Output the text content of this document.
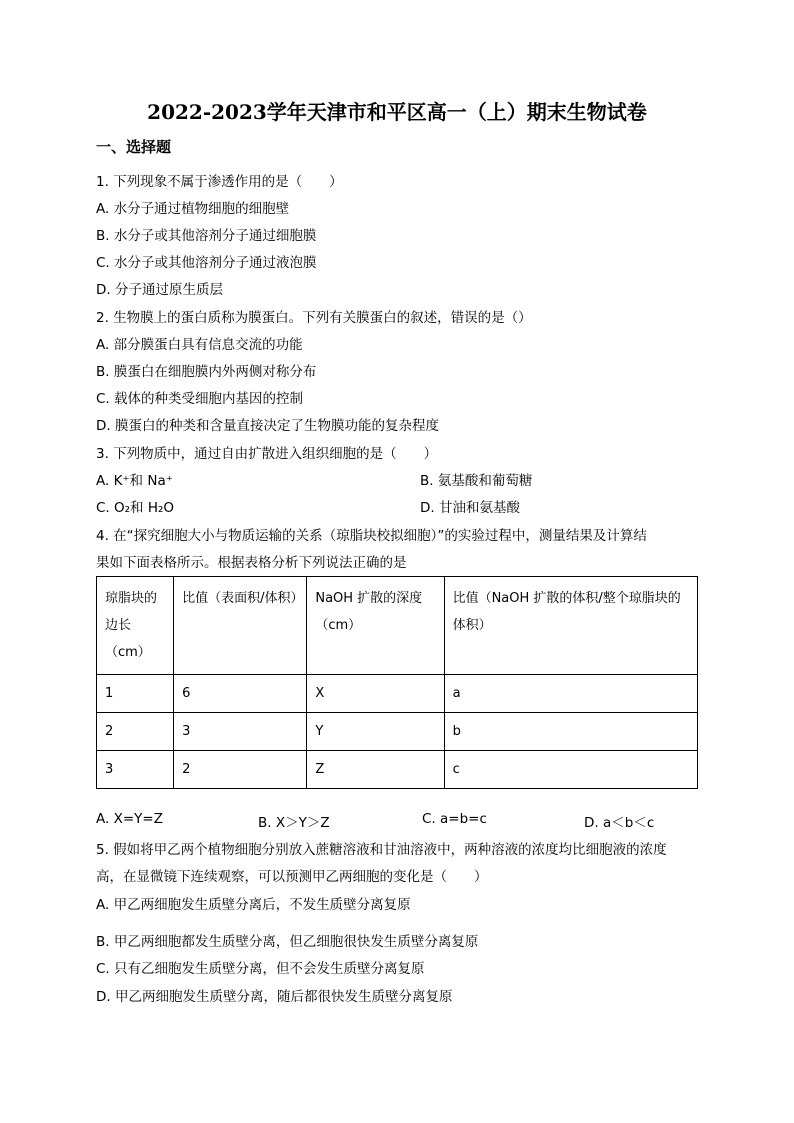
2022-2023学年天津市和平区高一（上）期末生物试卷
一、选择题
1. 下列现象不属于渗透作用的是（　　）
A. 水分子通过植物细胞的细胞壁
B. 水分子或其他溶剂分子通过细胞膜
C. 水分子或其他溶剂分子通过液泡膜
D. 分子通过原生质层
2. 生物膜上的蛋白质称为膜蛋白。下列有关膜蛋白的叙述，错误的是（）
A. 部分膜蛋白具有信息交流的功能
B. 膜蛋白在细胞膜内外两侧对称分布
C. 载体的种类受细胞内基因的控制
D. 膜蛋白的种类和含量直接决定了生物膜功能的复杂程度
3. 下列物质中，通过自由扩散进入组织细胞的是（　　）
A. K⁺和 Na⁺	B. 氨基酸和葡萄糖
C. O₂和 H₂O	D. 甘油和氨基酸
4. 在“探究细胞大小与物质运输的关系（琼脂块校拟细胞）”的实验过程中，测量结果及计算结
果如下面表格所示。根据表格分析下列说法正确的是
琼脂块的边长（cm）	比值（表面积/体积）	NaOH 扩散的深度（cm）	比值（NaOH 扩散的体积/整个琼脂块的体积）
1	6	X	a
2	3	Y	b
3	2	Z	c
A. X=Y=Z	B. X＞Y＞Z	C. a=b=c	D. a＜b＜c
5. 假如将甲乙两个植物细胞分别放入蔗糖溶液和甘油溶液中，两种溶液的浓度均比细胞液的浓度
高，在显微镜下连续观察，可以预测甲乙两细胞的变化是（　　）
A. 甲乙两细胞发生质壁分离后，不发生质壁分离复原
B. 甲乙两细胞都发生质壁分离，但乙细胞很快发生质壁分离复原
C. 只有乙细胞发生质壁分离，但不会发生质壁分离复原
D. 甲乙两细胞发生质壁分离，随后都很快发生质壁分离复原
